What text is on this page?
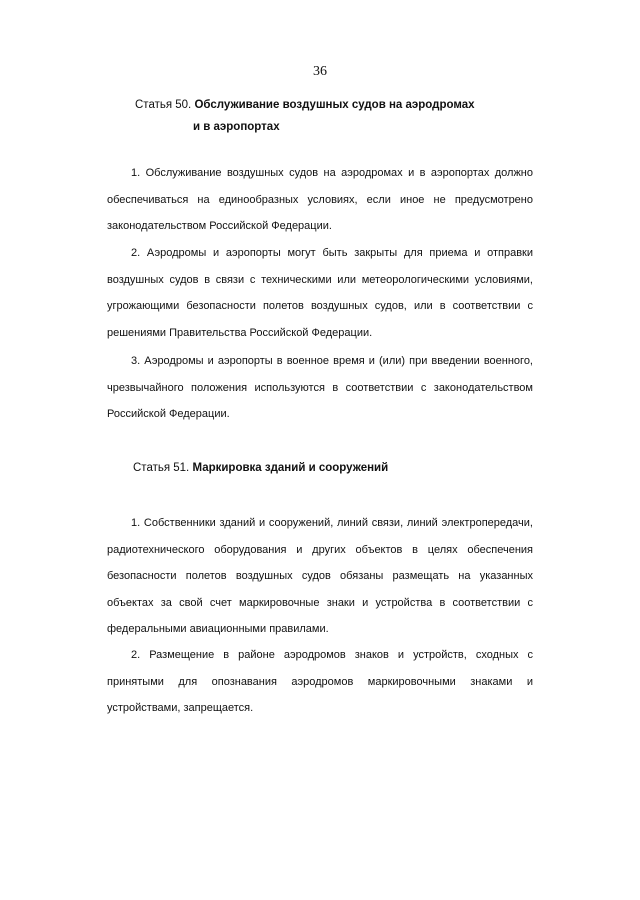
36
Статья 50. Обслуживание воздушных судов на аэродромах
и в аэропортах

1. Обслуживание воздушных судов на аэродромах и в аэропортах должно обеспечиваться на единообразных условиях, если иное не предусмотрено законодательством Российской Федерации.

2. Аэродромы и аэропорты могут быть закрыты для приема и отправки воздушных судов в связи с техническими или метеорологическими условиями, угрожающими безопасности полетов воздушных судов, или в соответствии с решениями Правительства Российской Федерации.

3. Аэродромы и аэропорты в военное время и (или) при введении военного, чрезвычайного положения используются в соответствии с законодательством Российской Федерации.

Статья 51. Маркировка зданий и сооружений

1. Собственники зданий и сооружений, линий связи, линий электропередачи, радиотехнического оборудования и других объектов в целях обеспечения безопасности полетов воздушных судов обязаны размещать на указанных объектах за свой счет маркировочные знаки и устройства в соответствии с федеральными авиационными правилами.

2. Размещение в районе аэродромов знаков и устройств, сходных с принятыми для опознавания аэродромов маркировочными знаками и устройствами, запрещается.
